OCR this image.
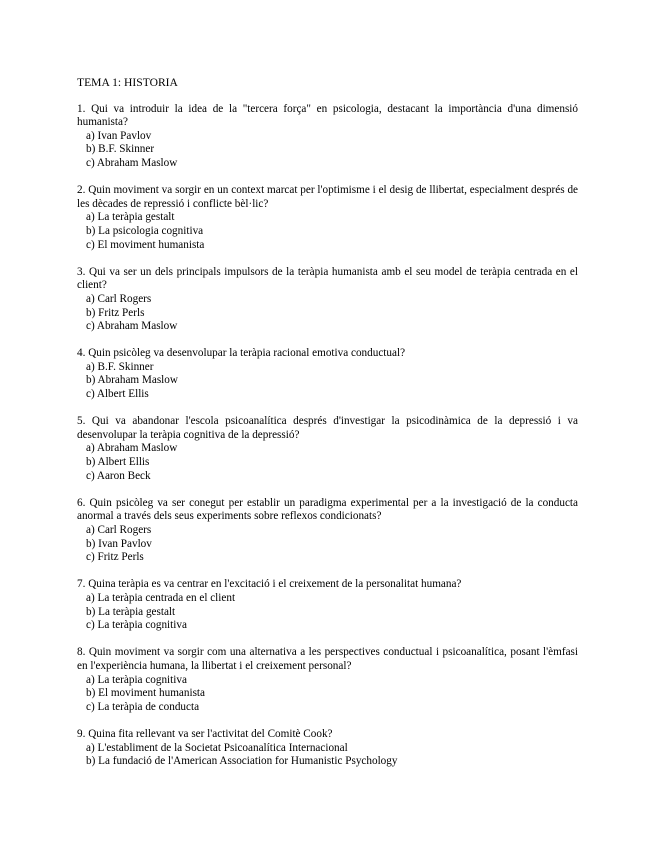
TEMA 1: HISTORIA

1. Qui va introduir la idea de la "tercera força" en psicologia, destacant la importància d'una dimensió humanista?

a) Ivan Pavlov
b) B.F. Skinner
c) Abraham Maslow

2. Quin moviment va sorgir en un context marcat per l'optimisme i el desig de llibertat, especialment després de les dècades de repressió i conflicte bèl·lic?

a) La teràpia gestalt
b) La psicologia cognitiva
c) El moviment humanista

3. Qui va ser un dels principals impulsors de la teràpia humanista amb el seu model de teràpia centrada en el client?

a) Carl Rogers
b) Fritz Perls
c) Abraham Maslow

4. Quin psicòleg va desenvolupar la teràpia racional emotiva conductual?

a) B.F. Skinner
b) Abraham Maslow
c) Albert Ellis

5. Qui va abandonar l'escola psicoanalítica després d'investigar la psicodinàmica de la depressió i va desenvolupar la teràpia cognitiva de la depressió?

a) Abraham Maslow
b) Albert Ellis
c) Aaron Beck

6. Quin psicòleg va ser conegut per establir un paradigma experimental per a la investigació de la conducta anormal a través dels seus experiments sobre reflexos condicionats?

a) Carl Rogers
b) Ivan Pavlov
c) Fritz Perls

7. Quina teràpia es va centrar en l'excitació i el creixement de la personalitat humana?

a) La teràpia centrada en el client
b) La teràpia gestalt
c) La teràpia cognitiva

8. Quin moviment va sorgir com una alternativa a les perspectives conductual i psicoanalítica, posant l'èmfasi en l'experiència humana, la llibertat i el creixement personal?

a) La teràpia cognitiva
b) El moviment humanista
c) La teràpia de conducta

9. Quina fita rellevant va ser l'activitat del Comitè Cook?

a) L'establiment de la Societat Psicoanalítica Internacional
b) La fundació de l'American Association for Humanistic Psychology
